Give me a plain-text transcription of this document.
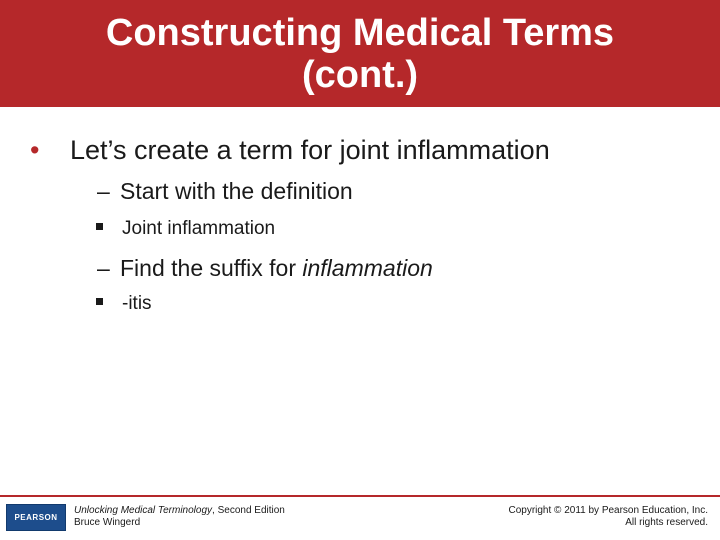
Constructing Medical Terms
(cont.)
• Let’s create a term for joint inflammation
– Start with the definition
Joint inflammation
– Find the suffix for inflammation
-itis
PEARSON
Unlocking Medical Terminology, Second Edition
Bruce Wingerd
Copyright © 2011 by Pearson Education, Inc.
All rights reserved.
